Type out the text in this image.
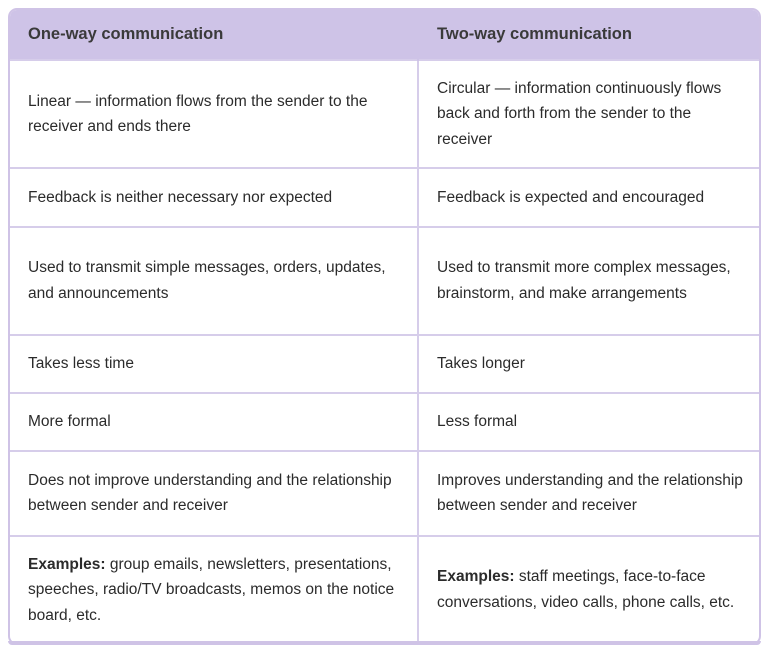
One-way communication	Two-way communication
Linear — information flows from the sender to the receiver and ends there	Circular — information continuously flows back and forth from the sender to the receiver
Feedback is neither necessary nor expected	Feedback is expected and encouraged
Used to transmit simple messages, orders, updates, and announcements	Used to transmit more complex messages, brainstorm, and make arrangements
Takes less time	Takes longer
More formal	Less formal
Does not improve understanding and the relationship between sender and receiver	Improves understanding and the relationship between sender and receiver
Examples: group emails, newsletters, presentations, speeches, radio/TV broadcasts, memos on the notice board, etc.	Examples: staff meetings, face-to-face conversations, video calls, phone calls, etc.
